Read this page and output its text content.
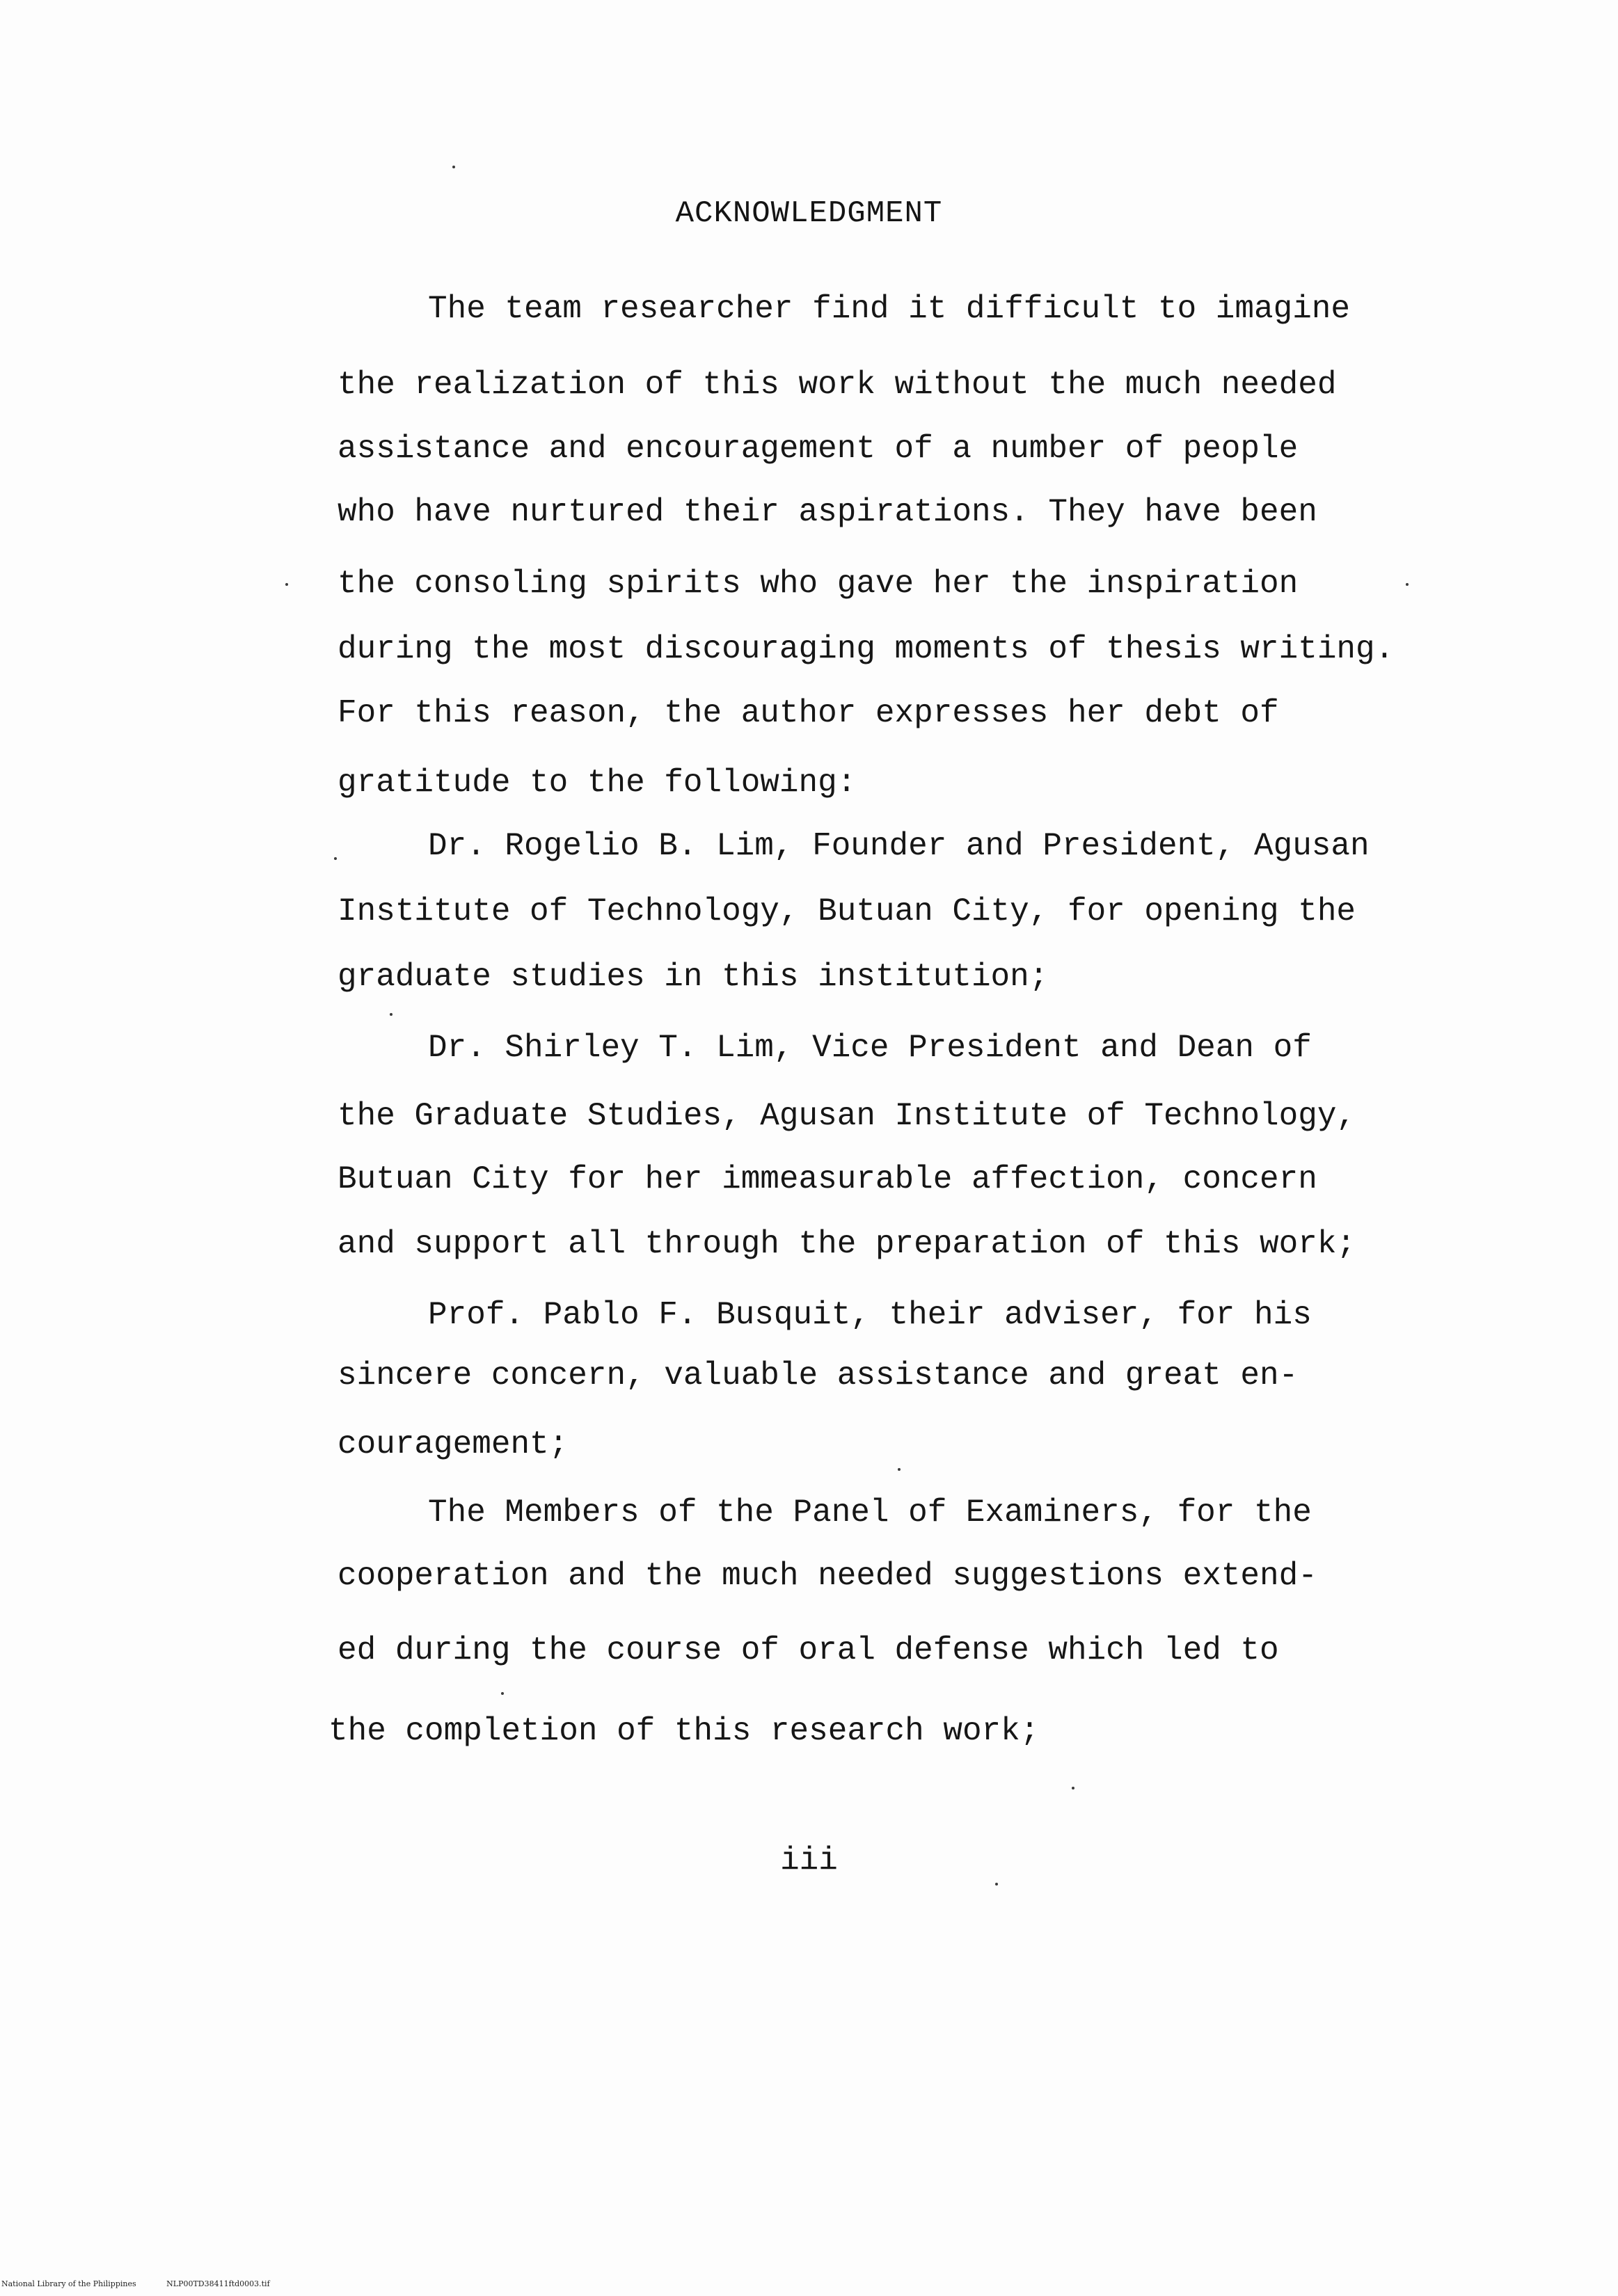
ACKNOWLEDGMENT
The team researcher find it difficult to imagine
the realization of this work without the much needed
assistance and encouragement of a number of people
who have nurtured their aspirations. They have been
the consoling spirits who gave her the inspiration
during the most discouraging moments of thesis writing.
For this reason, the author expresses her debt of
gratitude to the following:
Dr. Rogelio B. Lim, Founder and President, Agusan
Institute of Technology, Butuan City, for opening the
graduate studies in this institution;
Dr. Shirley T. Lim, Vice President and Dean of
the Graduate Studies, Agusan Institute of Technology,
Butuan City for her immeasurable affection, concern
and support all through the preparation of this work;
Prof. Pablo F. Busquit, their adviser, for his
sincere concern, valuable assistance and great en-
couragement;
The Members of the Panel of Examiners, for the
cooperation and the much needed suggestions extend-
ed during the course of oral defense which led to
the completion of this research work;
iii
National Library of the Philippines	NLP00TD38411ftd0003.tif
